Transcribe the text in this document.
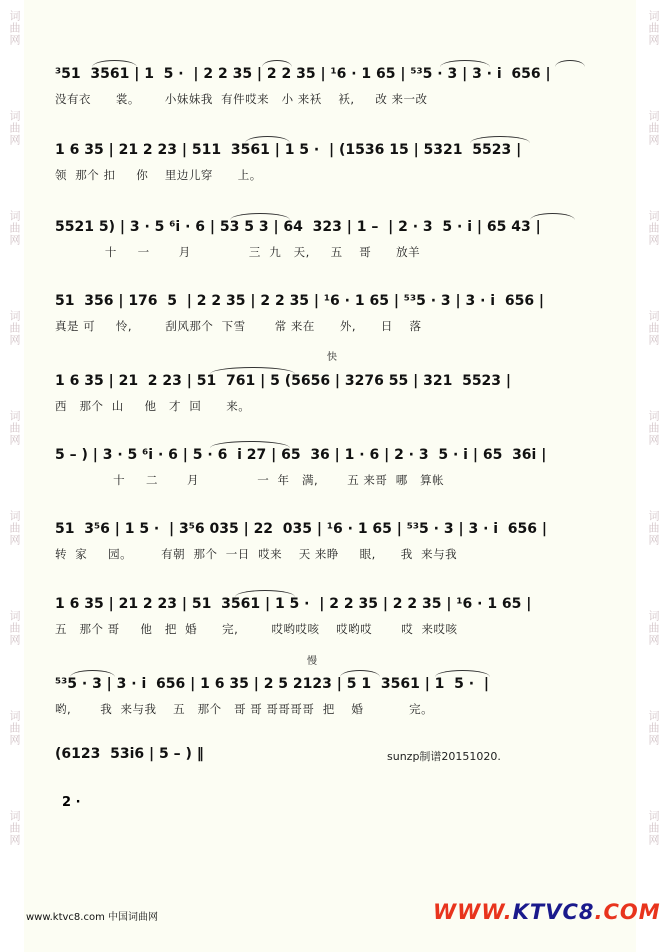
词曲网
词曲网
词曲网
词曲网
词曲网
词曲网
词曲网
词曲网
词曲网
词曲网
词曲网
词曲网
词曲网
词曲网
词曲网
词曲网
词曲网
词曲网
³51  3561 | 1  5 ·  | 2 2 35 | 2 2 35 | ¹6 · 1 65 | ⁵³5 · 3 | 3 · i  656 |
没有衣      裳。      小妹妹我  有件哎来   小 来袄    袄,     改 来一改
1 6 35 | 21 2 23 | 511  3561 | 1 5 ·  | (1536 15 | 5321  5523 |
领  那个 扣     你    里边儿穿      上。
5521 5) | 3 · 5 ⁶i · 6 | 53 5 3 | 64  323 | 1 –  | 2 · 3  5 · i | 65 43 |
十     一       月              三  九   天,     五    哥      放羊
51  356 | 176  5  | 2 2 35 | 2 2 35 | ¹6 · 1 65 | ⁵³5 · 3 | 3 · i  656 |
真是 可     怜,        刮风那个  下雪       常 来在      外,      日    落
快
1 6 35 | 21  2 23 | 51  761 | 5 (5656 | 3276 55 | 321  5523 |
西   那个  山     他   才  回      来。
5 – ) | 3 · 5 ⁶i · 6 | 5 · 6  i 27 | 65  36 | 1 · 6 | 2 · 3  5 · i | 65  36i |
十     二       月              一  年   满,       五 来哥  哪   算帐
51  3⁵6 | 1 5 ·  | 3⁵6 035 | 22  035 | ¹6 · 1 65 | ⁵³5 · 3 | 3 · i  656 |
转  家     园。       有朝  那个  一日  哎来    天 来睁     眼,      我  来与我
1 6 35 | 21 2 23 | 51  3561 | 1 5 ·  | 2 2 35 | 2 2 35 | ¹6 · 1 65 |
五   那个 哥     他   把  婚      完,        哎哟哎咳    哎哟哎       哎  来哎咳
慢
⁵³5 · 3 | 3 · i  656 | 1 6 35 | 2 5 2123 | 5 1  3561 | 1  5 ·  |
哟,       我  来与我    五   那个   哥 哥 哥哥哥哥  把    婚           完。
(6123  53i6 | 5 – ) ‖	sunzp制谱20151020.
2 ·
www.ktvc8.com 中国词曲网	WWW.KTVC8.COM
